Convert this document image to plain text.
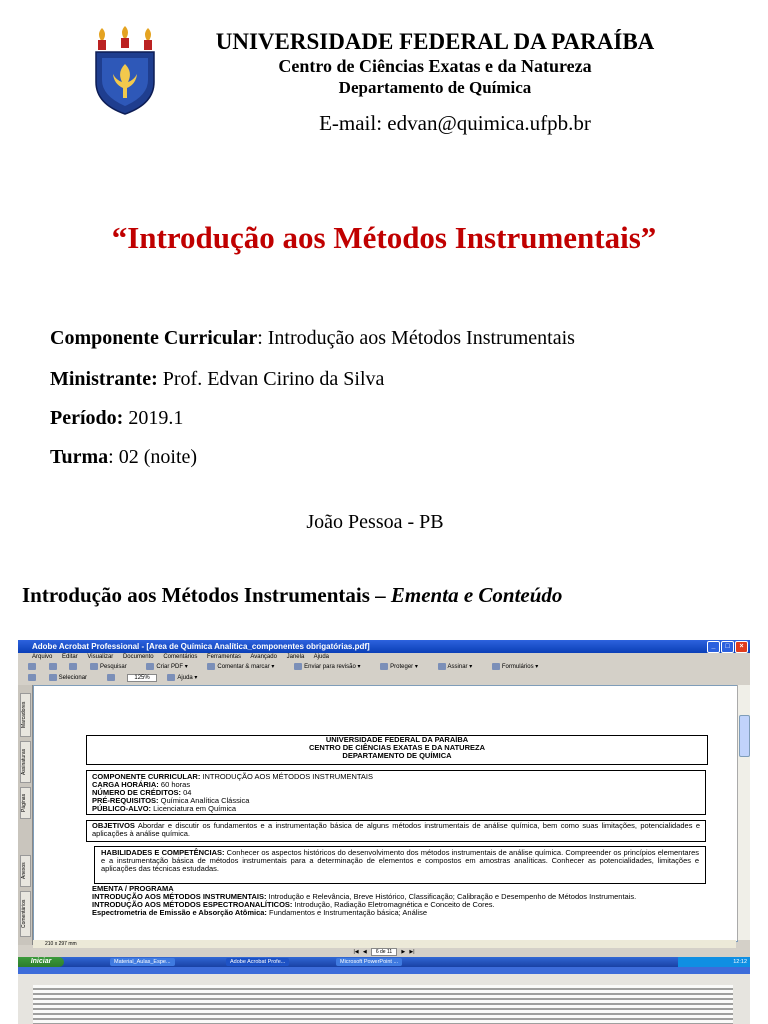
UNIVERSIDADE FEDERAL DA PARAÍBA
Centro de Ciências Exatas e da Natureza
Departamento de Química
E-mail: edvan@quimica.ufpb.br
“Introdução aos Métodos Instrumentais”
Componente Curricular: Introdução aos Métodos Instrumentais
Ministrante: Prof. Edvan Cirino da Silva
Período: 2019.1
Turma: 02 (noite)
João Pessoa - PB
Introdução aos Métodos Instrumentais – Ementa e Conteúdo
Adobe Acrobat Professional - [Area de Química Analítica_componentes obrigatórias.pdf]	_	□	×
Arquivo Editar Visualizar Documento Comentários Ferramentas Avançado Janela Ajuda
Pesquisar	Criar PDF ▾	Comentar & marcar ▾	Enviar para revisão ▾	Proteger ▾	Assinar ▾	Formulários ▾
Selecionar	125%	Ajuda ▾
Marcadores
Assinaturas
Páginas
Anexos
Comentários
UNIVERSIDADE FEDERAL DA PARAÍBA
CENTRO DE CIÊNCIAS EXATAS E DA NATUREZA
DEPARTAMENTO DE QUÍMICA
COMPONENTE CURRICULAR: INTRODUÇÃO AOS MÉTODOS INSTRUMENTAIS
CARGA HORÁRIA: 60 horas
NÚMERO DE CRÉDITOS: 04
PRÉ-REQUISITOS: Química Analítica Clássica
PÚBLICO-ALVO: Licenciatura em Química
OBJETIVOS Abordar e discutir os fundamentos e a instrumentação básica de alguns métodos instrumentais de análise química, bem como suas limitações, potencialidades e aplicações à análise química.
HABILIDADES E COMPETÊNCIAS: Conhecer os aspectos históricos do desenvolvimento dos métodos instrumentais de análise química. Compreender os princípios elementares e a instrumentação básica de métodos instrumentais para a determinação de elementos e compostos em amostras analíticas. Conhecer as potencialidades, limitações e aplicações das técnicas estudadas.
EMENTA / PROGRAMA
INTRODUÇÃO AOS MÉTODOS INSTRUMENTAIS: Introdução e Relevância, Breve Histórico, Classificação; Calibração e Desempenho de Métodos Instrumentais.
INTRODUÇÃO AOS MÉTODOS ESPECTROANALÍTICOS: Introdução, Radiação Eletromagnética e Conceito de Cores.
Espectrometria de Emissão e Absorção Atômica: Fundamentos e Instrumentação básica; Análise
210 x 297 mm
|◀ ◀ 6 de 11 ▶ ▶|
Iniciar	Material_Aulas_Espe...	Adobe Acrobat Profe...	Microsoft PowerPoint ...	12:12
